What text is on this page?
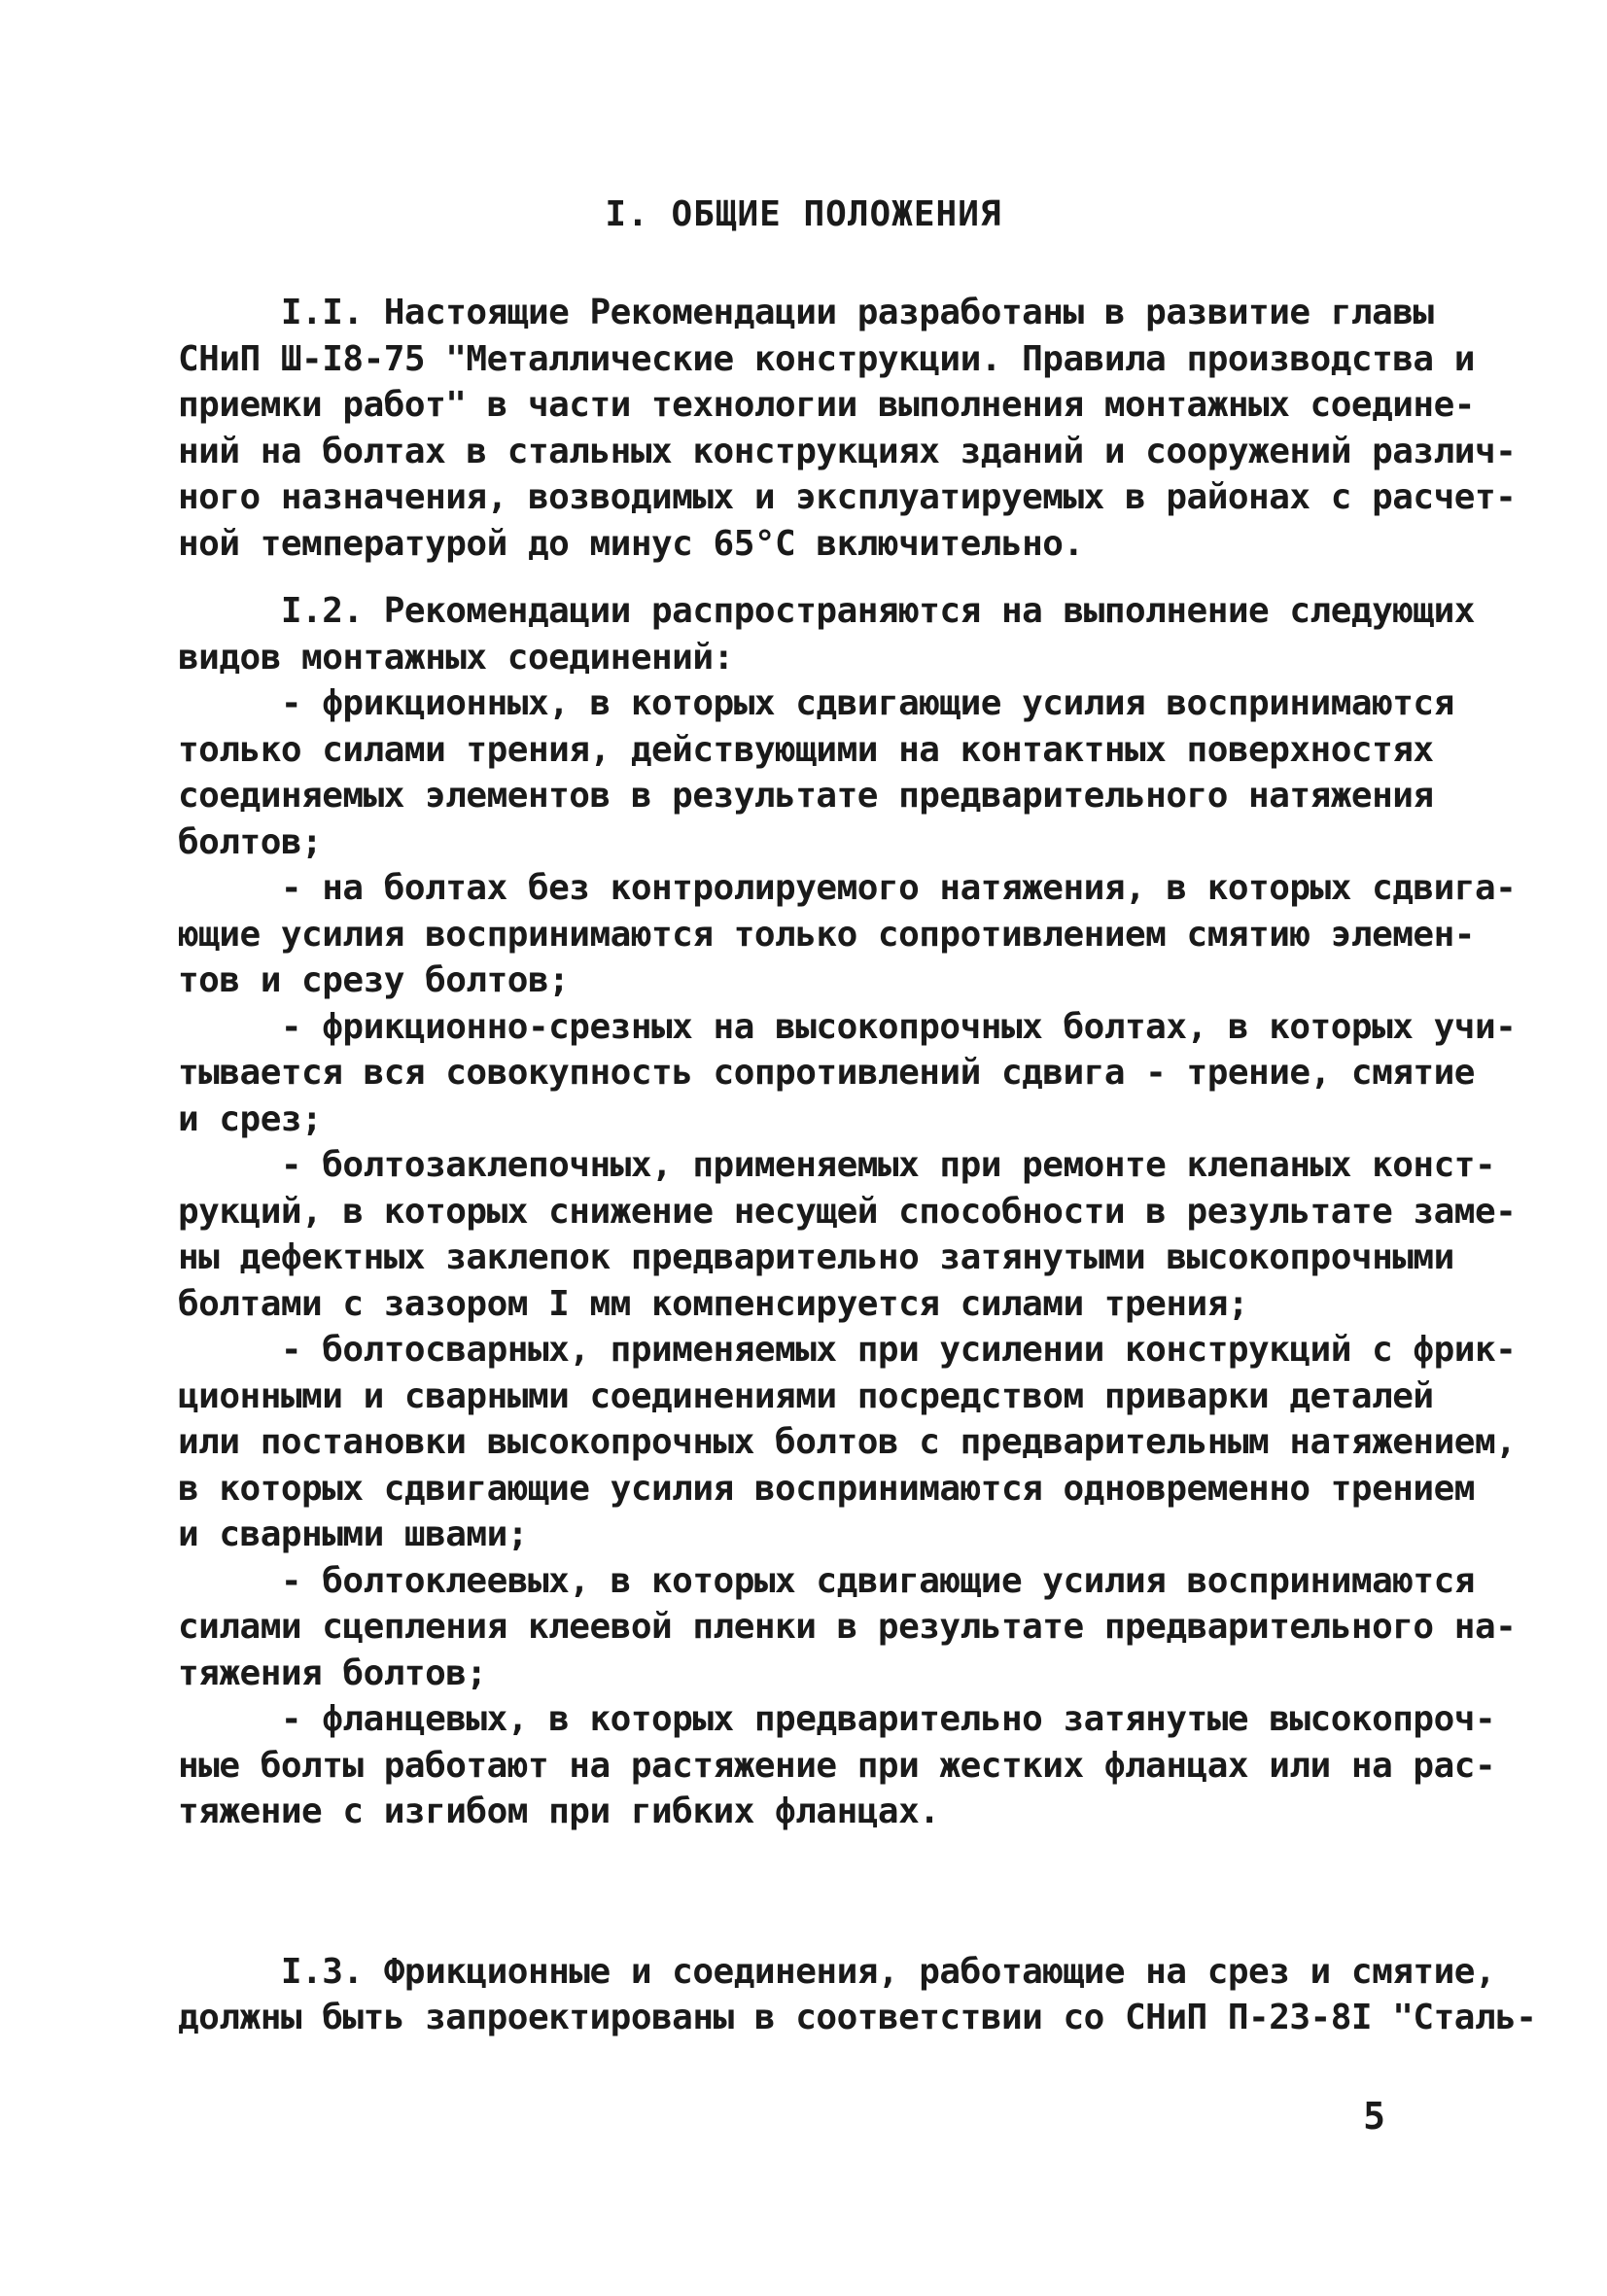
I. ОБЩИЕ ПОЛОЖЕНИЯ
I.I. Настоящие Рекомендации разработаны в развитие главы
СНиП Ш-I8-75 "Металлические конструкции. Правила производства и
приемки работ" в части технологии выполнения монтажных соедине-
ний на болтах в стальных конструкциях зданий и сооружений различ-
ного назначения, возводимых и эксплуатируемых в районах с расчет-
ной температурой до минус 65°С включительно.
I.2. Рекомендации распространяются на выполнение следующих
видов монтажных соединений:
- фрикционных, в которых сдвигающие усилия воспринимаются
только силами трения, действующими на контактных поверхностях
соединяемых элементов в результате предварительного натяжения
болтов;
- на болтах без контролируемого натяжения, в которых сдвига-
ющие усилия воспринимаются только сопротивлением смятию элемен-
тов и срезу болтов;
- фрикционно-срезных на высокопрочных болтах, в которых учи-
тывается вся совокупность сопротивлений сдвига - трение, смятие
и срез;
- болтозаклепочных, применяемых при ремонте клепаных конст-
рукций, в которых снижение несущей способности в результате заме-
ны дефектных заклепок предварительно затянутыми высокопрочными
болтами с зазором I мм компенсируется силами трения;
- болтосварных, применяемых при усилении конструкций с фрик-
ционными и сварными соединениями посредством приварки деталей
или постановки высокопрочных болтов с предварительным натяжением,
в которых сдвигающие усилия воспринимаются одновременно трением
и сварными швами;
- болтоклеевых, в которых сдвигающие усилия воспринимаются
силами сцепления клеевой пленки в результате предварительного на-
тяжения болтов;
- фланцевых, в которых предварительно затянутые высокопроч-
ные болты работают на растяжение при жестких фланцах или на рас-
тяжение с изгибом при гибких фланцах.
I.3. Фрикционные и соединения, работающие на срез и смятие,
должны быть запроектированы в соответствии со СНиП П-23-8I "Сталь-
5
